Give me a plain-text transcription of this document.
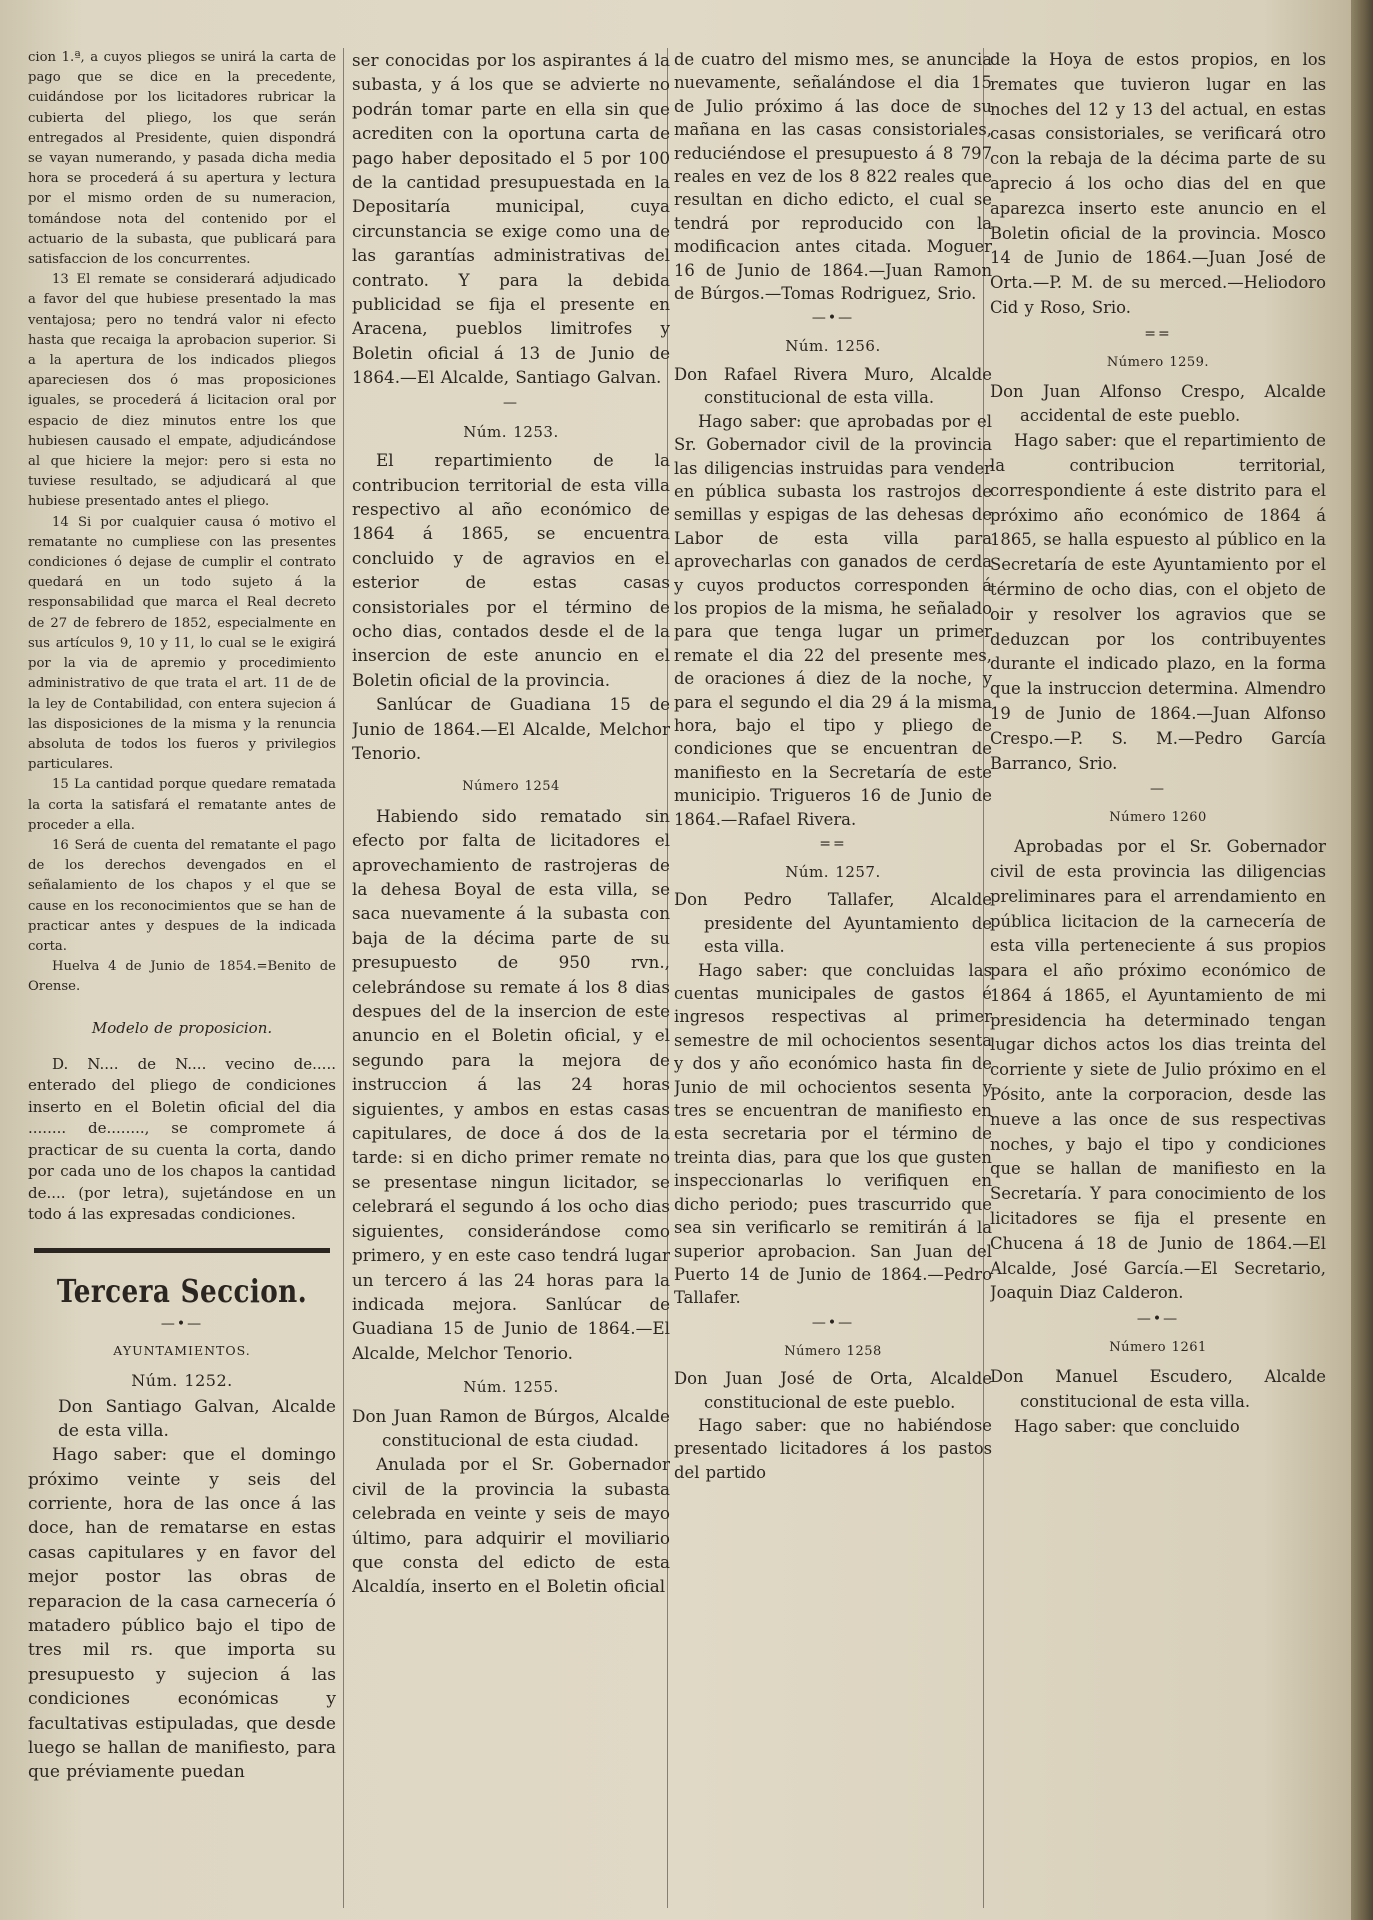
cion 1.ª, a cuyos pliegos se unirá la carta de pago que se dice en la precedente, cuidándose por los licitadores rubricar la cubierta del pliego, los que serán entregados al Presidente, quien dispondrá se vayan numerando, y pasada dicha media hora se procederá á su apertura y lectura por el mismo orden de su numeracion, tomándose nota del contenido por el actuario de la subasta, que publicará para satisfaccion de los concurrentes.

13 El remate se considerará adjudicado a favor del que hubiese presentado la mas ventajosa; pero no tendrá valor ni efecto hasta que recaiga la aprobacion superior. Si a la apertura de los indicados pliegos apareciesen dos ó mas proposiciones iguales, se procederá á licitacion oral por espacio de diez minutos entre los que hubiesen causado el empate, adjudicándose al que hiciere la mejor: pero si esta no tuviese resultado, se adjudicará al que hubiese presentado antes el pliego.

14 Si por cualquier causa ó motivo el rematante no cumpliese con las presentes condiciones ó dejase de cumplir el contrato quedará en un todo sujeto á la responsabilidad que marca el Real decreto de 27 de febrero de 1852, especialmente en sus artículos 9, 10 y 11, lo cual se le exigirá por la via de apremio y procedimiento administrativo de que trata el art. 11 de de la ley de Contabilidad, con entera sujecion á las disposiciones de la misma y la renuncia absoluta de todos los fueros y privilegios particulares.

15 La cantidad porque quedare rematada la corta la satisfará el rematante antes de proceder a ella.

16 Será de cuenta del rematante el pago de los derechos devengados en el señalamiento de los chapos y el que se cause en los reconocimientos que se han de practicar antes y despues de la indicada corta.

Huelva 4 de Junio de 1854.=Benito de Orense.

Modelo de proposicion.

D. N.... de N.... vecino de..... enterado del pliego de condiciones inserto en el Boletin oficial del dia ........ de........, se compromete á practicar de su cuenta la corta, dando por cada uno de los chapos la cantidad de.... (por letra), sujetándose en un todo á las expresadas condiciones.

Tercera Seccion.
—•—
AYUNTAMIENTOS.
Núm. 1252.

Don Santiago Galvan, Alcalde de esta villa.

Hago saber: que el domingo próximo veinte y seis del corriente, hora de las once á las doce, han de rematarse en estas casas capitulares y en favor del mejor postor las obras de reparacion de la casa carnecería ó matadero público bajo el tipo de tres mil rs. que importa su presupuesto y sujecion á las condiciones económicas y facultativas estipuladas, que desde luego se hallan de manifiesto, para que préviamente puedan

ser conocidas por los aspirantes á la subasta, y á los que se advierte no podrán tomar parte en ella sin que acrediten con la oportuna carta de pago haber depositado el 5 por 100 de la cantidad presupuestada en la Depositaría municipal, cuya circunstancia se exige como una de las garantías administrativas del contrato. Y para la debida publicidad se fija el presente en Aracena, pueblos limitrofes y Boletin oficial á 13 de Junio de 1864.—El Alcalde, Santiago Galvan.

—
Núm. 1253.

El repartimiento de la contribucion territorial de esta villa respectivo al año económico de 1864 á 1865, se encuentra concluido y de agravios en el esterior de estas casas consistoriales por el término de ocho dias, contados desde el de la insercion de este anuncio en el Boletin oficial de la provincia.

Sanlúcar de Guadiana 15 de Junio de 1864.—El Alcalde, Melchor Tenorio.

Número 1254

Habiendo sido rematado sin efecto por falta de licitadores el aprovechamiento de rastrojeras de la dehesa Boyal de esta villa, se saca nuevamente á la subasta con baja de la décima parte de su presupuesto de 950 rvn., celebrándose su remate á los 8 dias despues del de la insercion de este anuncio en el Boletin oficial, y el segundo para la mejora de instruccion á las 24 horas siguientes, y ambos en estas casas capitulares, de doce á dos de la tarde: si en dicho primer remate no se presentase ningun licitador, se celebrará el segundo á los ocho dias siguientes, considerándose como primero, y en este caso tendrá lugar un tercero á las 24 horas para la indicada mejora. Sanlúcar de Guadiana 15 de Junio de 1864.—El Alcalde, Melchor Tenorio.

Núm. 1255.

Don Juan Ramon de Búrgos, Alcalde constitucional de esta ciudad.

Anulada por el Sr. Gobernador civil de la provincia la subasta celebrada en veinte y seis de mayo último, para adquirir el moviliario que consta del edicto de esta Alcaldía, inserto en el Boletin oficial

de cuatro del mismo mes, se anuncia nuevamente, señalándose el dia 15 de Julio próximo á las doce de su mañana en las casas consistoriales, reduciéndose el presupuesto á 8 797 reales en vez de los 8 822 reales que resultan en dicho edicto, el cual se tendrá por reproducido con la modificacion antes citada. Moguer 16 de Junio de 1864.—Juan Ramon de Búrgos.—Tomas Rodriguez, Srio.

—•—
Núm. 1256.

Don Rafael Rivera Muro, Alcalde constitucional de esta villa.

Hago saber: que aprobadas por el Sr. Gobernador civil de la provincia las diligencias instruidas para vender en pública subasta los rastrojos de semillas y espigas de las dehesas de Labor de esta villa para aprovecharlas con ganados de cerda y cuyos productos corresponden á los propios de la misma, he señalado para que tenga lugar un primer remate el dia 22 del presente mes, de oraciones á diez de la noche, y para el segundo el dia 29 á la misma hora, bajo el tipo y pliego de condiciones que se encuentran de manifiesto en la Secretaría de este municipio. Trigueros 16 de Junio de 1864.—Rafael Rivera.

==
Núm. 1257.

Don Pedro Tallafer, Alcalde presidente del Ayuntamiento de esta villa.

Hago saber: que concluidas las cuentas municipales de gastos é ingresos respectivas al primer semestre de mil ochocientos sesenta y dos y año económico hasta fin de Junio de mil ochocientos sesenta y tres se encuentran de manifiesto en esta secretaria por el término de treinta dias, para que los que gusten inspeccionarlas lo verifiquen en dicho periodo; pues trascurrido que sea sin verificarlo se remitirán á la superior aprobacion. San Juan del Puerto 14 de Junio de 1864.—Pedro Tallafer.

—•—
Número 1258

Don Juan José de Orta, Alcalde constitucional de este pueblo.

Hago saber: que no habiéndose presentado licitadores á los pastos del partido

de la Hoya de estos propios, en los remates que tuvieron lugar en las noches del 12 y 13 del actual, en estas casas consistoriales, se verificará otro con la rebaja de la décima parte de su aprecio á los ocho dias del en que aparezca inserto este anuncio en el Boletin oficial de la provincia. Mosco 14 de Junio de 1864.—Juan José de Orta.—P. M. de su merced.—Heliodoro Cid y Roso, Srio.

==
Número 1259.

Don Juan Alfonso Crespo, Alcalde accidental de este pueblo.

Hago saber: que el repartimiento de la contribucion territorial, correspondiente á este distrito para el próximo año económico de 1864 á 1865, se halla espuesto al público en la Secretaría de este Ayuntamiento por el término de ocho dias, con el objeto de oir y resolver los agravios que se deduzcan por los contribuyentes durante el indicado plazo, en la forma que la instruccion determina. Almendro 19 de Junio de 1864.—Juan Alfonso Crespo.—P. S. M.—Pedro García Barranco, Srio.

—
Número 1260

Aprobadas por el Sr. Gobernador civil de esta provincia las diligencias preliminares para el arrendamiento en pública licitacion de la carnecería de esta villa perteneciente á sus propios para el año próximo económico de 1864 á 1865, el Ayuntamiento de mi presidencia ha determinado tengan lugar dichos actos los dias treinta del corriente y siete de Julio próximo en el Pósito, ante la corporacion, desde las nueve a las once de sus respectivas noches, y bajo el tipo y condiciones que se hallan de manifiesto en la Secretaría. Y para conocimiento de los licitadores se fija el presente en Chucena á 18 de Junio de 1864.—El Alcalde, José García.—El Secretario, Joaquin Diaz Calderon.

—•—
Número 1261

Don Manuel Escudero, Alcalde constitucional de esta villa.

Hago saber: que concluido
